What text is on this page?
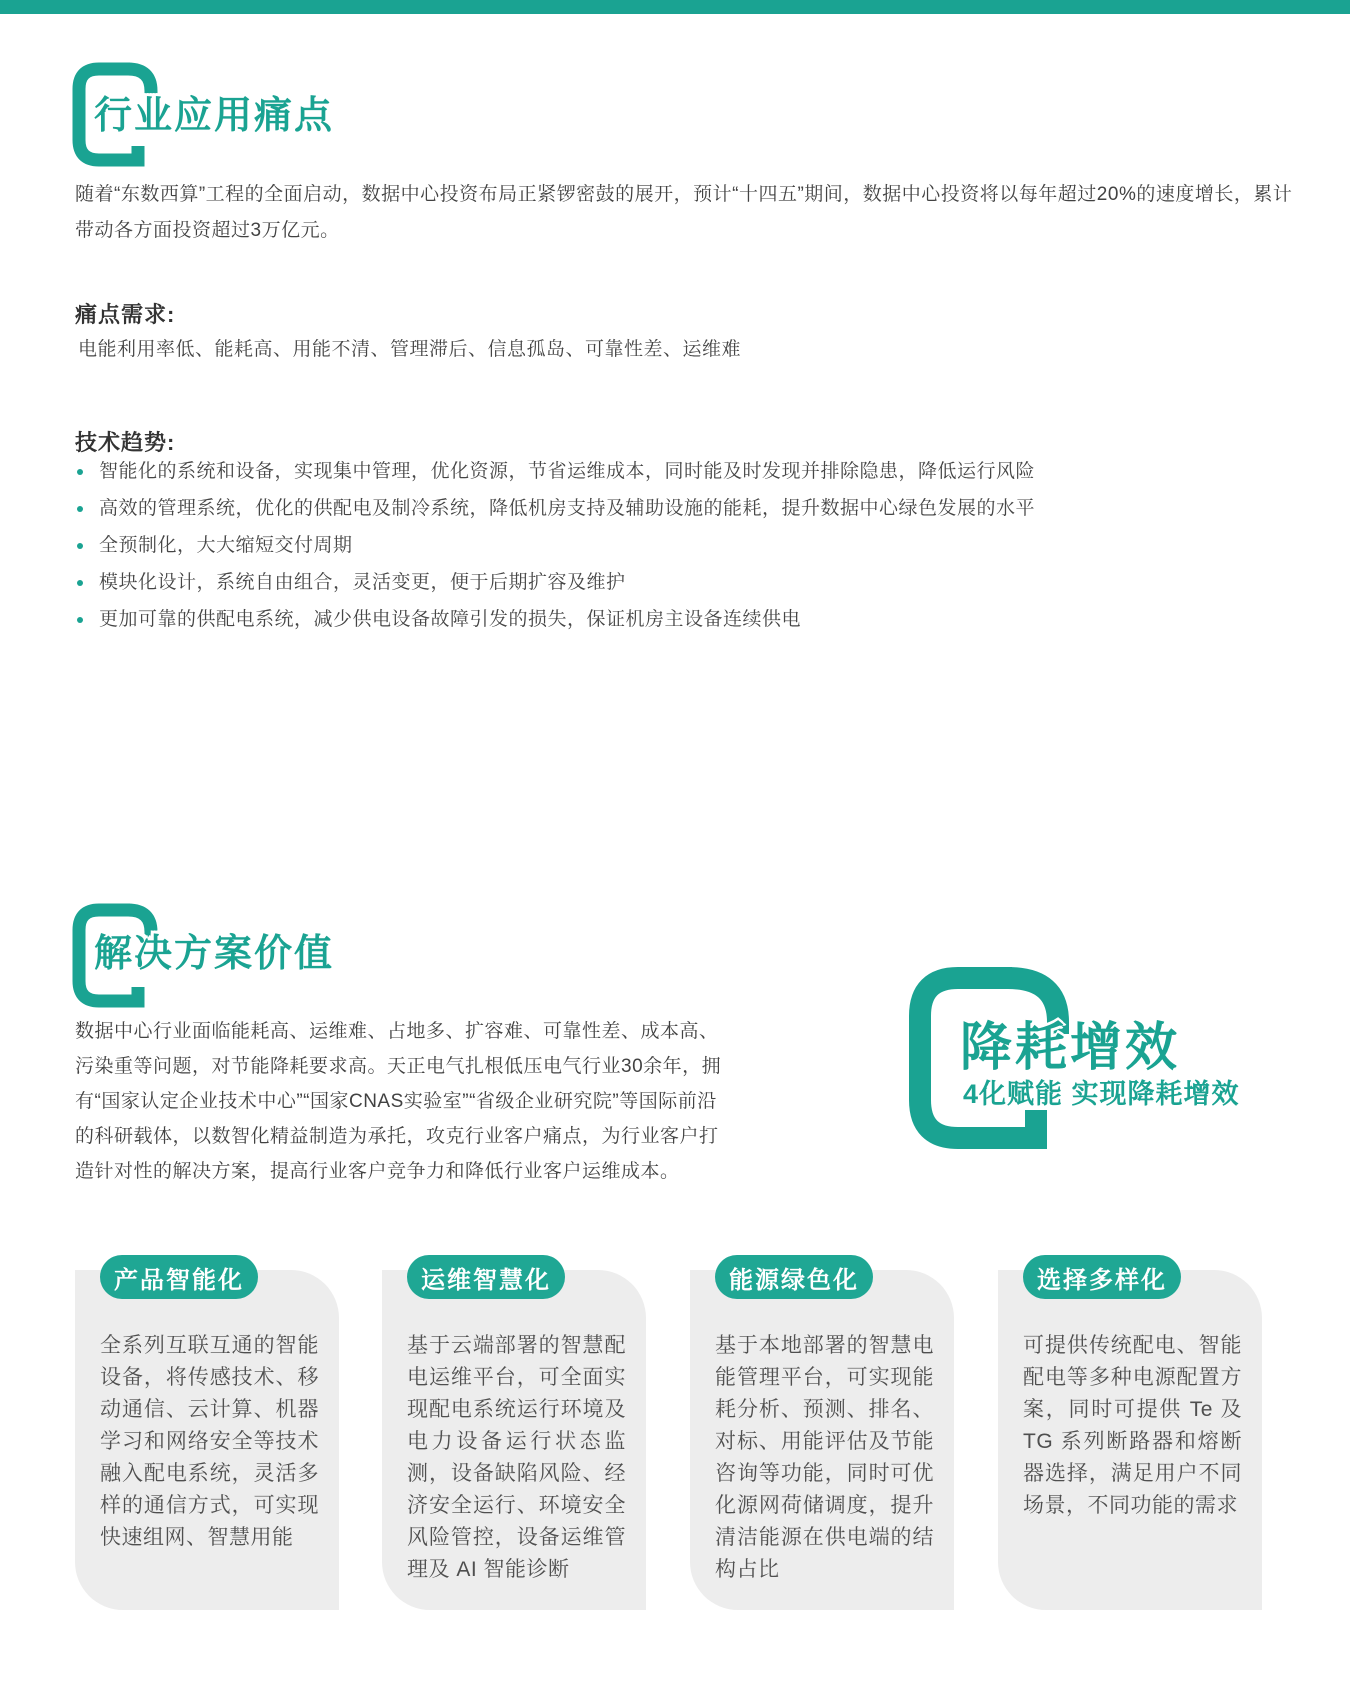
行业应用痛点
随着“东数西算”工程的全面启动，数据中心投资布局正紧锣密鼓的展开，预计“十四五”期间，数据中心投资将以每年超过20%的速度增长，累计带动各方面投资超过3万亿元。
痛点需求:
电能利用率低、能耗高、用能不清、管理滞后、信息孤岛、可靠性差、运维难
技术趋势:
智能化的系统和设备，实现集中管理，优化资源，节省运维成本，同时能及时发现并排除隐患，降低运行风险
高效的管理系统，优化的供配电及制冷系统，降低机房支持及辅助设施的能耗，提升数据中心绿色发展的水平
全预制化，大大缩短交付周期
模块化设计，系统自由组合，灵活变更，便于后期扩容及维护
更加可靠的供配电系统，减少供电设备故障引发的损失，保证机房主设备连续供电
解决方案价值
数据中心行业面临能耗高、运维难、占地多、扩容难、可靠性差、成本高、污染重等问题，对节能降耗要求高。天正电气扎根低压电气行业30余年，拥有“国家认定企业技术中心”“国家CNAS实验室”“省级企业研究院”等国际前沿的科研载体，以数智化精益制造为承托，攻克行业客户痛点，为行业客户打造针对性的解决方案，提高行业客户竞争力和降低行业客户运维成本。
降耗增效
4化赋能 实现降耗增效

全系列互联互通的智能设备，将传感技术、移动通信、云计算、机器学习和网络安全等技术融入配电系统，灵活多样的通信方式，可实现快速组网、智慧用能

产品智能化

基于云端部署的智慧配电运维平台，可全面实现配电系统运行环境及电力设备运行状态监测，设备缺陷风险、经济安全运行、环境安全风险管控，设备运维管理及 AI 智能诊断

运维智慧化

基于本地部署的智慧电能管理平台，可实现能耗分析、预测、排名、对标、用能评估及节能咨询等功能，同时可优化源网荷储调度，提升清洁能源在供电端的结构占比

能源绿色化

可提供传统配电、智能配电等多种电源配置方案，同时可提供 Te 及 TG 系列断路器和熔断器选择，满足用户不同场景，不同功能的需求

选择多样化
